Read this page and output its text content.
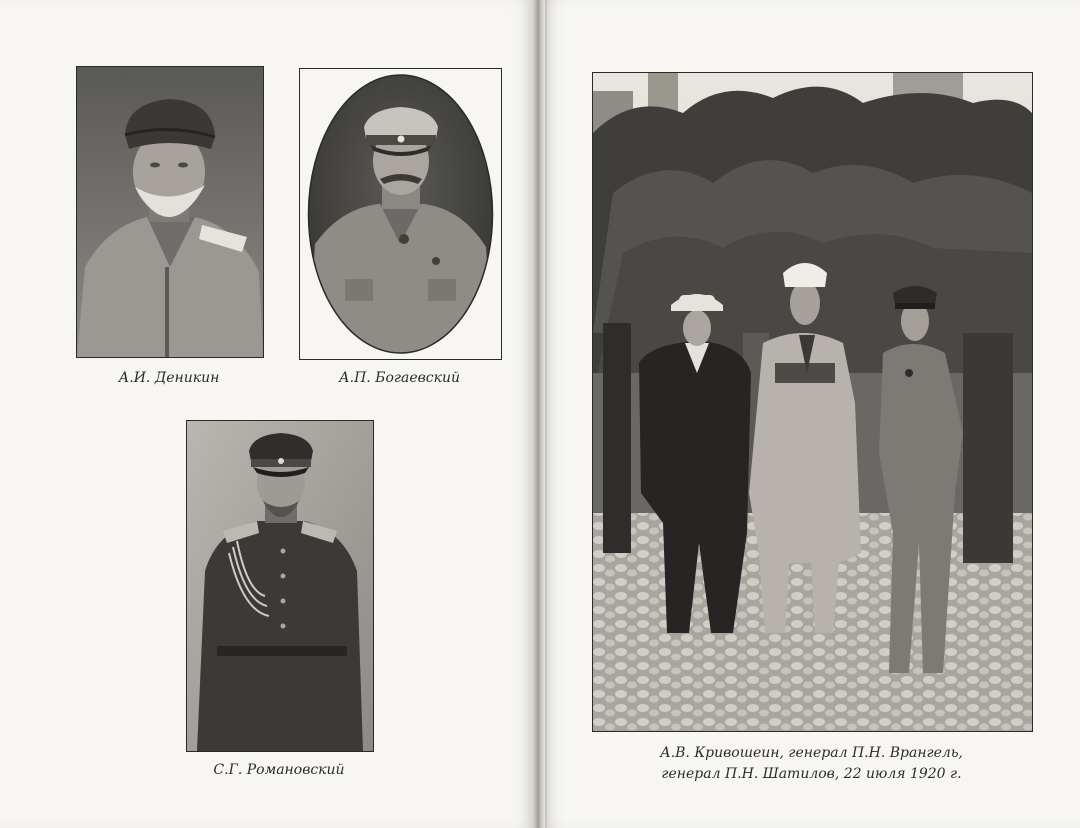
А.И. Деникин	А.П. Богаевский
С.Г. Романовский
А.В. Кривошеин, генерал П.Н. Врангель,
генерал П.Н. Шатилов, 22 июля 1920 г.
